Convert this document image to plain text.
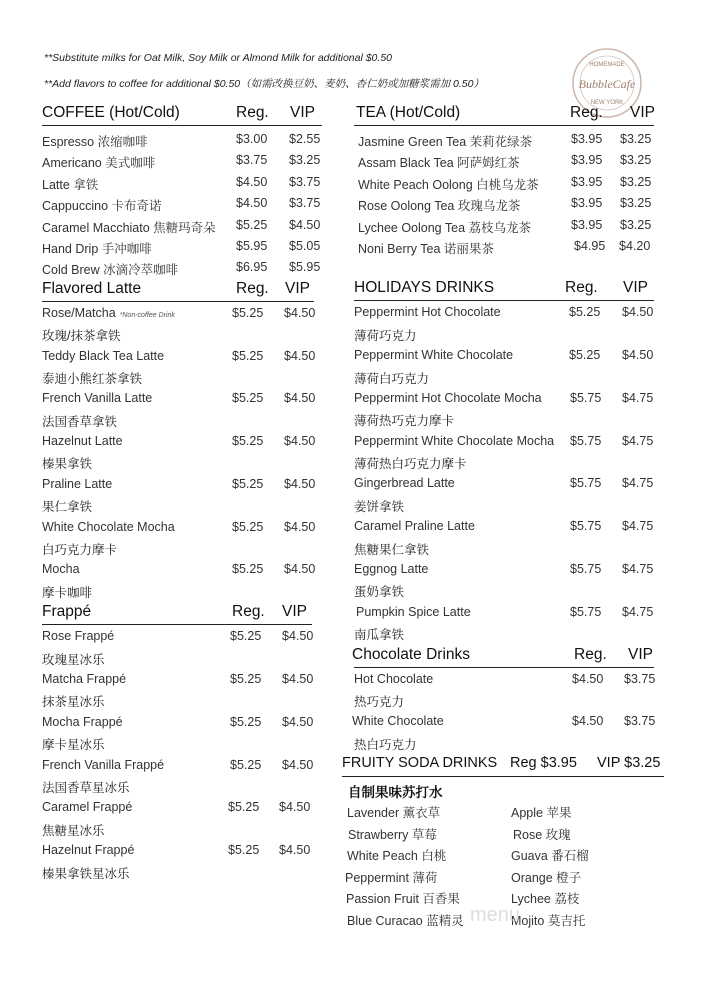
**Substitute milks for Oat Milk, Soy Milk or Almond Milk for additional $0.50
**Add flavors to coffee for additional $0.50（如需改换豆奶、麦奶、杏仁奶或加糖浆需加 0.50）
HOMEMADE
BubbleCafe
NEW YORK
COFFEE (Hot/Cold)	Reg. VIP
Espresso 浓缩咖啡	$3.00 $2.55
Americano 美式咖啡	$3.75 $3.25
Latte 拿铁	$4.50 $3.75
Cappuccino 卡布奇诺	$4.50 $3.75
Caramel Macchiato 焦糖玛奇朵 $5.25 $4.50
Hand Drip 手冲咖啡	$5.95 $5.05
Cold Brew 冰滴冷萃咖啡	$6.95 $5.95
Flavored Latte	Reg. VIP
Rose/Matcha *Non-coffee Drink	$5.25 $4.50
玫瑰/抹茶拿铁
Teddy Black Tea Latte	$5.25 $4.50
泰迪小熊红茶拿铁
French Vanilla Latte	$5.25 $4.50
法国香草拿铁
Hazelnut Latte	$5.25 $4.50
榛果拿铁
Praline Latte	$5.25 $4.50
果仁拿铁
White Chocolate Mocha	$5.25 $4.50
白巧克力摩卡
Mocha	$5.25 $4.50
摩卡咖啡
Frappé	Reg. VIP
Rose Frappé	$5.25 $4.50
玫瑰星冰乐
Matcha Frappé	$5.25 $4.50
抹茶星冰乐
Mocha Frappé	$5.25 $4.50
摩卡星冰乐
French Vanilla Frappé	$5.25 $4.50
法国香草星冰乐
Caramel Frappé	$5.25 $4.50
焦糖星冰乐
Hazelnut Frappé	$5.25 $4.50
榛果拿铁星冰乐
TEA (Hot/Cold)	Reg. VIP
Jasmine Green Tea 茉莉花绿茶	$3.95 $3.25
Assam Black Tea 阿萨姆红茶	$3.95 $3.25
White Peach Oolong 白桃乌龙茶	$3.95 $3.25
Rose Oolong Tea 玫瑰乌龙茶	$3.95 $3.25
Lychee Oolong Tea 荔枝乌龙茶	$3.95 $3.25
Noni Berry Tea 诺丽果茶	$4.95 $4.20
HOLIDAYS DRINKS	Reg. VIP
Peppermint Hot Chocolate	$5.25 $4.50
薄荷巧克力
Peppermint White Chocolate	$5.25 $4.50
薄荷白巧克力
Peppermint Hot Chocolate Mocha $5.75 $4.75
薄荷热巧克力摩卡
Peppermint White Chocolate Mocha $5.75 $4.75
薄荷热白巧克力摩卡
Gingerbread Latte	$5.75 $4.75
姜饼拿铁
Caramel Praline Latte	$5.75 $4.75
焦糖果仁拿铁
Eggnog Latte	$5.75 $4.75
蛋奶拿铁
Pumpkin Spice Latte	$5.75 $4.75
南瓜拿铁
Chocolate Drinks	Reg. VIP
Hot Chocolate	$4.50 $3.75
热巧克力
White Chocolate	$4.50 $3.75
热白巧克力
FRUITY SODA DRINKS Reg $3.95 VIP $3.25
自制果味苏打水
Lavender 薰衣草	Apple 苹果
Strawberry 草莓	Rose 玫瑰
White Peach 白桃	Guava 番石榴
Peppermint 薄荷	Orange 橙子
Passion Fruit 百香果	Lychee 荔枝
Blue Curacao 蓝精灵	Mojito 莫吉托
menu
